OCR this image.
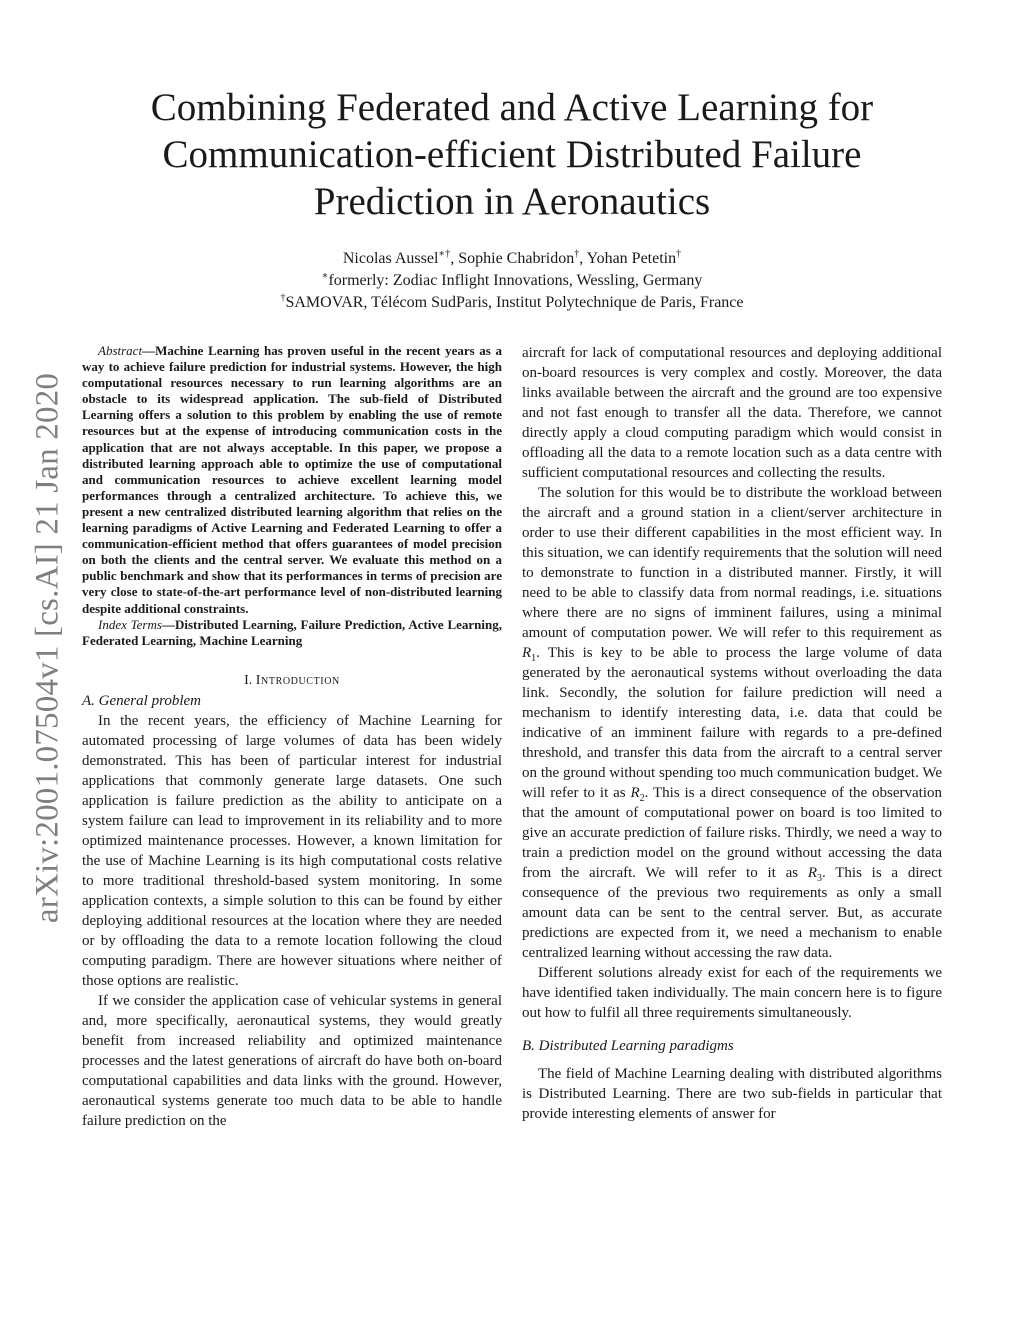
arXiv:2001.07504v1 [cs.AI] 21 Jan 2020
Combining Federated and Active Learning for
Communication-efficient Distributed Failure
Prediction in Aeronautics
Nicolas Aussel∗†, Sophie Chabridon†, Yohan Petetin†
∗formerly: Zodiac Inflight Innovations, Wessling, Germany
†SAMOVAR, Télécom SudParis, Institut Polytechnique de Paris, France

Abstract—Machine Learning has proven useful in the recent years as a way to achieve failure prediction for industrial systems. However, the high computational resources necessary to run learning algorithms are an obstacle to its widespread application. The sub-field of Distributed Learning offers a solution to this problem by enabling the use of remote resources but at the expense of introducing communication costs in the application that are not always acceptable. In this paper, we propose a distributed learning approach able to optimize the use of computational and communication resources to achieve excellent learning model performances through a centralized architecture. To achieve this, we present a new centralized distributed learning algorithm that relies on the learning paradigms of Active Learning and Federated Learning to offer a communication-efficient method that offers guarantees of model precision on both the clients and the central server. We evaluate this method on a public benchmark and show that its performances in terms of precision are very close to state-of-the-art performance level of non-distributed learning despite additional constraints.

Index Terms—Distributed Learning, Failure Prediction, Active Learning, Federated Learning, Machine Learning

I. Introduction
A. General problem

In the recent years, the efficiency of Machine Learning for automated processing of large volumes of data has been widely demonstrated. This has been of particular interest for industrial applications that commonly generate large datasets. One such application is failure prediction as the ability to anticipate on a system failure can lead to improvement in its reliability and to more optimized maintenance processes. However, a known limitation for the use of Machine Learning is its high computational costs relative to more traditional threshold-based system monitoring. In some application contexts, a simple solution to this can be found by either deploying additional resources at the location where they are needed or by offloading the data to a remote location following the cloud computing paradigm. There are however situations where neither of those options are realistic.

If we consider the application case of vehicular systems in general and, more specifically, aeronautical systems, they would greatly benefit from increased reliability and optimized maintenance processes and the latest generations of aircraft do have both on-board computational capabilities and data links with the ground. However, aeronautical systems generate too much data to be able to handle failure prediction on the

aircraft for lack of computational resources and deploying additional on-board resources is very complex and costly. Moreover, the data links available between the aircraft and the ground are too expensive and not fast enough to transfer all the data. Therefore, we cannot directly apply a cloud computing paradigm which would consist in offloading all the data to a remote location such as a data centre with sufficient computational resources and collecting the results.

The solution for this would be to distribute the workload between the aircraft and a ground station in a client/server architecture in order to use their different capabilities in the most efficient way. In this situation, we can identify requirements that the solution will need to demonstrate to function in a distributed manner. Firstly, it will need to be able to classify data from normal readings, i.e. situations where there are no signs of imminent failures, using a minimal amount of computation power. We will refer to this requirement as $R_1$. This is key to be able to process the large volume of data generated by the aeronautical systems without overloading the data link. Secondly, the solution for failure prediction will need a mechanism to identify interesting data, i.e. data that could be indicative of an imminent failure with regards to a pre-defined threshold, and transfer this data from the aircraft to a central server on the ground without spending too much communication budget. We will refer to it as $R_2$. This is a direct consequence of the observation that the amount of computational power on board is too limited to give an accurate prediction of failure risks. Thirdly, we need a way to train a prediction model on the ground without accessing the data from the aircraft. We will refer to it as $R_3$. This is a direct consequence of the previous two requirements as only a small amount data can be sent to the central server. But, as accurate predictions are expected from it, we need a mechanism to enable centralized learning without accessing the raw data.

Different solutions already exist for each of the requirements we have identified taken individually. The main concern here is to figure out how to fulfil all three requirements simultaneously.

B. Distributed Learning paradigms

The field of Machine Learning dealing with distributed algorithms is Distributed Learning. There are two sub-fields in particular that provide interesting elements of answer for
